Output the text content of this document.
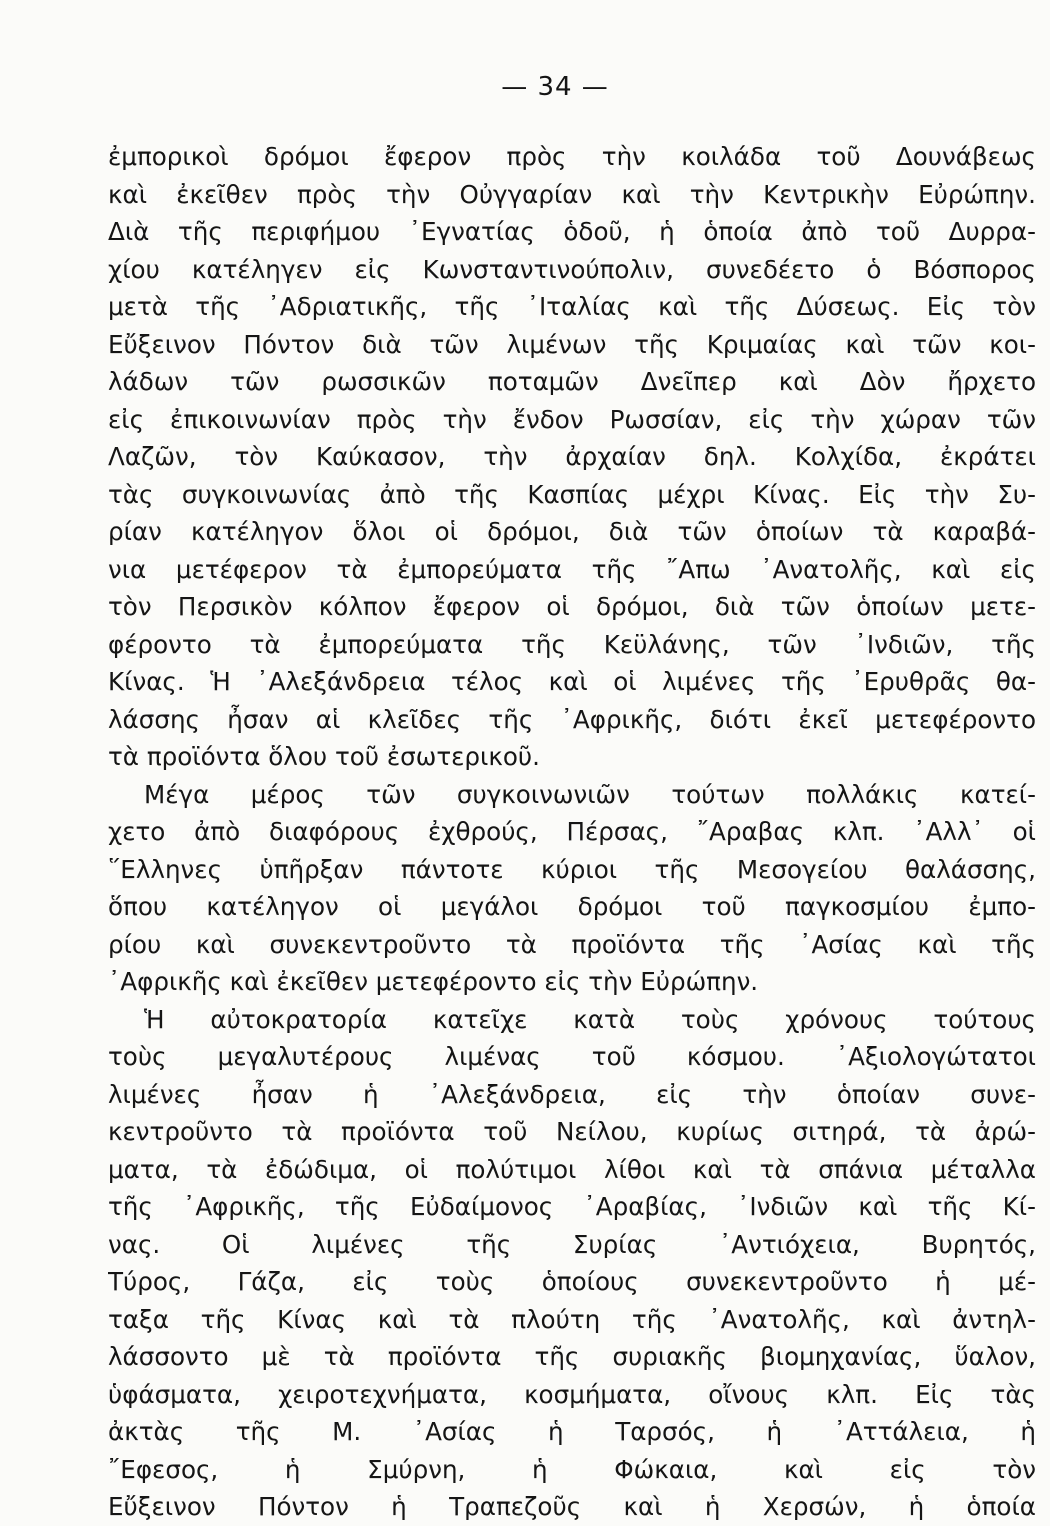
— 34 —
ἐμπορικοὶ δρόμοι ἔφερον πρὸς τὴν κοιλάδα τοῦ Δουνάβεως
καὶ ἐκεῖθεν πρὸς τὴν Οὐγγαρίαν καὶ τὴν Κεντρικὴν Εὐρώπην.
Διὰ τῆς περιφήμου ᾿Εγνατίας ὁδοῦ, ἡ ὁποία ἀπὸ τοῦ Δυρρα-
χίου κατέληγεν εἰς Κωνσταντινούπολιν, συνεδέετο ὁ Βόσπορος
μετὰ τῆς ᾿Αδριατικῆς, τῆς ᾿Ιταλίας καὶ τῆς Δύσεως. Εἰς τὸν
Εὔξεινον Πόντον διὰ τῶν λιμένων τῆς Κριμαίας καὶ τῶν κοι-
λάδων τῶν ρωσσικῶν ποταμῶν Δνεῖπερ καὶ Δὸν ἤρχετο
εἰς ἐπικοινωνίαν πρὸς τὴν ἔνδον Ρωσσίαν, εἰς τὴν χώραν τῶν
Λαζῶν, τὸν Καύκασον, τὴν ἀρχαίαν δηλ. Κολχίδα, ἐκράτει
τὰς συγκοινωνίας ἀπὸ τῆς Κασπίας μέχρι Κίνας. Εἰς τὴν Συ-
ρίαν κατέληγον ὅλοι οἱ δρόμοι, διὰ τῶν ὁποίων τὰ καραβά-
νια μετέφερον τὰ ἐμπορεύματα τῆς ῎Απω ᾿Ανατολῆς, καὶ εἰς
τὸν Περσικὸν κόλπον ἔφερον οἱ δρόμοι, διὰ τῶν ὁποίων μετε-
φέροντο τὰ ἐμπορεύματα τῆς Κεϋλάνης, τῶν ᾿Ινδιῶν, τῆς
Κίνας. Ἡ ᾿Αλεξάνδρεια τέλος καὶ οἱ λιμένες τῆς ᾿Ερυθρᾶς θα-
λάσσης ἦσαν αἱ κλεῖδες τῆς ᾿Αφρικῆς, διότι ἐκεῖ μετεφέροντο
τὰ προϊόντα ὅλου τοῦ ἐσωτερικοῦ.
Μέγα μέρος τῶν συγκοινωνιῶν τούτων πολλάκις κατεί-
χετο ἀπὸ διαφόρους ἐχθρούς, Πέρσας, ῎Αραβας κλπ. ᾿Αλλ᾿ οἱ
῞Ελληνες ὑπῆρξαν πάντοτε κύριοι τῆς Μεσογείου θαλάσσης,
ὅπου κατέληγον οἱ μεγάλοι δρόμοι τοῦ παγκοσμίου ἐμπο-
ρίου καὶ συνεκεντροῦντο τὰ προϊόντα τῆς ᾿Ασίας καὶ τῆς
᾿Αφρικῆς καὶ ἐκεῖθεν μετεφέροντο εἰς τὴν Εὐρώπην.
Ἡ αὐτοκρατορία κατεῖχε κατὰ τοὺς χρόνους τούτους
τοὺς μεγαλυτέρους λιμένας τοῦ κόσμου. ᾿Αξιολογώτατοι
λιμένες ἦσαν ἡ ᾿Αλεξάνδρεια, εἰς τὴν ὁποίαν συνε-
κεντροῦντο τὰ προϊόντα τοῦ Νείλου, κυρίως σιτηρά, τὰ ἀρώ-
ματα, τὰ ἐδώδιμα, οἱ πολύτιμοι λίθοι καὶ τὰ σπάνια μέταλλα
τῆς ᾿Αφρικῆς, τῆς Εὐδαίμονος ᾿Αραβίας, ᾿Ινδιῶν καὶ τῆς Κί-
νας. Οἱ λιμένες τῆς Συρίας ᾿Αντιόχεια, Βυρητός,
Τύρος, Γάζα, εἰς τοὺς ὁποίους συνεκεντροῦντο ἡ μέ-
ταξα τῆς Κίνας καὶ τὰ πλούτη τῆς ᾿Ανατολῆς, καὶ ἀντηλ-
λάσσοντο μὲ τὰ προϊόντα τῆς συριακῆς βιομηχανίας, ὕαλον,
ὑφάσματα, χειροτεχνήματα, κοσμήματα, οἴνους κλπ. Εἰς τὰς
ἀκτὰς τῆς Μ. ᾿Ασίας ἡ Ταρσός, ἡ ᾿Αττάλεια, ἡ
῎Εφεσος, ἡ Σμύρνη, ἡ Φώκαια, καὶ εἰς τὸν
Εὔξεινον Πόντον ἡ Τραπεζοῦς καὶ ἡ Χερσών, ἡ ὁποία
